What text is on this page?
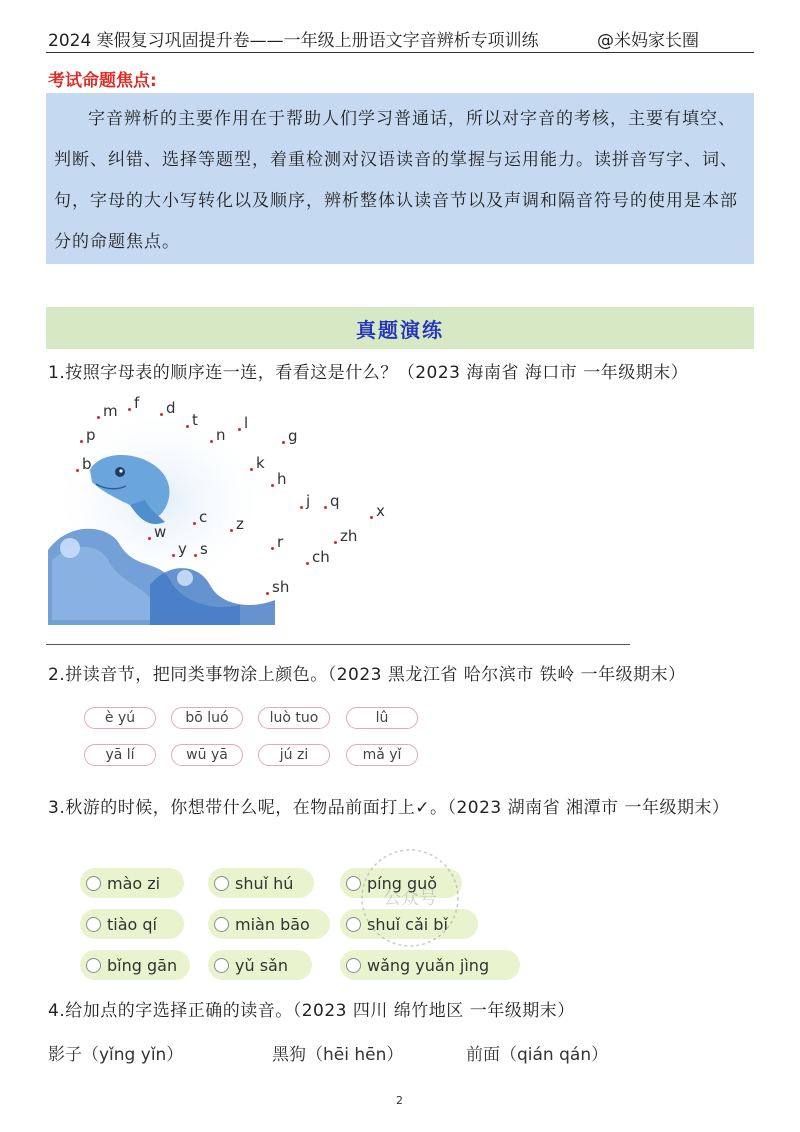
2024 寒假复习巩固提升卷——一年级上册语文字音辨析专项训练	@米妈家长圈
考试命题焦点:
字音辨析的主要作用在于帮助人们学习普通话，所以对字音的考核，主要有填空、判断、纠错、选择等题型，着重检测对汉语读音的掌握与运用能力。读拼音写字、词、句，字母的大小写转化以及顺序，辨析整体认读音节以及声调和隔音符号的使用是本部分的命题焦点。
真题演练
1.按照字母表的顺序连一连，看看这是什么？（2023 海南省 海口市 一年级期末）
m f d
t	l
n
p	g
k
b
h
j q
x
c z
zh
w
r
y s	ch
sh
2.拼读音节，把同类事物涂上颜色。（2023 黑龙江省 哈尔滨市 铁岭 一年级期末）
è yú	bō luó	luò tuo	lû
yā lí	wū yā	jú zi	mǎ yǐ
3.秋游的时候，你想带什么呢，在物品前面打上✓。（2023 湖南省 湘潭市 一年级期末）
mào zi	shuǐ hú	píng guǒ
tiào qí	miàn bāo	shuǐ cǎi bǐ
bǐng gān	yǔ sǎn	wǎng yuǎn jìng
公众号
4.给加点的字选择正确的读音。（2023 四川 绵竹地区 一年级期末）
影子（yǐng yǐn）	黑狗（hēi hēn）	前面（qián qán）
2
